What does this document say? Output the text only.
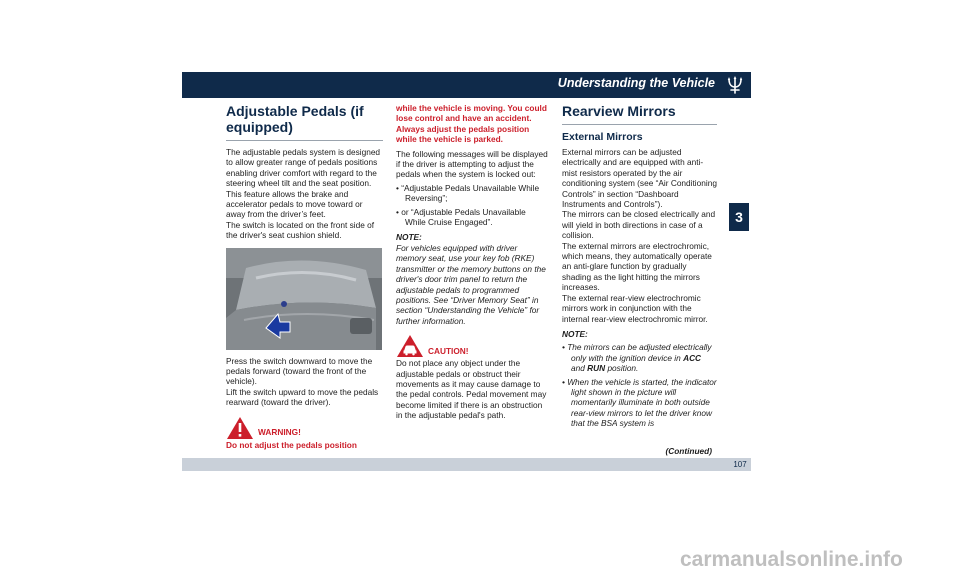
Understanding the Vehicle
3
Adjustable Pedals (if equipped)

The adjustable pedals system is designed to allow greater range of pedals positions enabling driver comfort with regard to the steering wheel tilt and the seat position.

This feature allows the brake and accelerator pedals to move toward or away from the driver’s feet.

The switch is located on the front side of the driver's seat cushion shield.

Press the switch downward to move the pedals forward (toward the front of the vehicle).

Lift the switch upward to move the pedals rearward (toward the driver).

WARNING!

Do not adjust the pedals position

while the vehicle is moving. You could lose control and have an accident. Always adjust the pedals position while the vehicle is parked.

The following messages will be displayed if the driver is attempting to adjust the pedals when the system is locked out:

• “Adjustable Pedals Unavailable While Reversing”;

• or “Adjustable Pedals Unavailable While Cruise Engaged”.

NOTE:

For vehicles equipped with driver memory seat, use your key fob (RKE) transmitter or the memory buttons on the driver's door trim panel to return the adjustable pedals to programmed positions. See “Driver Memory Seat” in section “Understanding the Vehicle” for further information.

CAUTION!

Do not place any object under the adjustable pedals or obstruct their movements as it may cause damage to the pedal controls. Pedal movement may become limited if there is an obstruction in the adjustable pedal's path.

Rearview Mirrors
External Mirrors

External mirrors can be adjusted electrically and are equipped with anti-mist resistors operated by the air conditioning system (see “Air Conditioning Controls” in section “Dashboard Instruments and Controls”).

The mirrors can be closed electrically and will yield in both directions in case of a collision.

The external mirrors are electrochromic, which means, they automatically operate an anti-glare function by gradually shading as the light hitting the mirrors increases.

The external rear-view electrochromic mirrors work in conjunction with the internal rear-view electrochromic mirror.

NOTE:

• The mirrors can be adjusted electrically only with the ignition device in ACC and RUN position.

• When the vehicle is started, the indicator light shown in the picture will momentarily illuminate in both outside rear-view mirrors to let the driver know that the BSA system is

(Continued)
107
carmanualsonline.info
